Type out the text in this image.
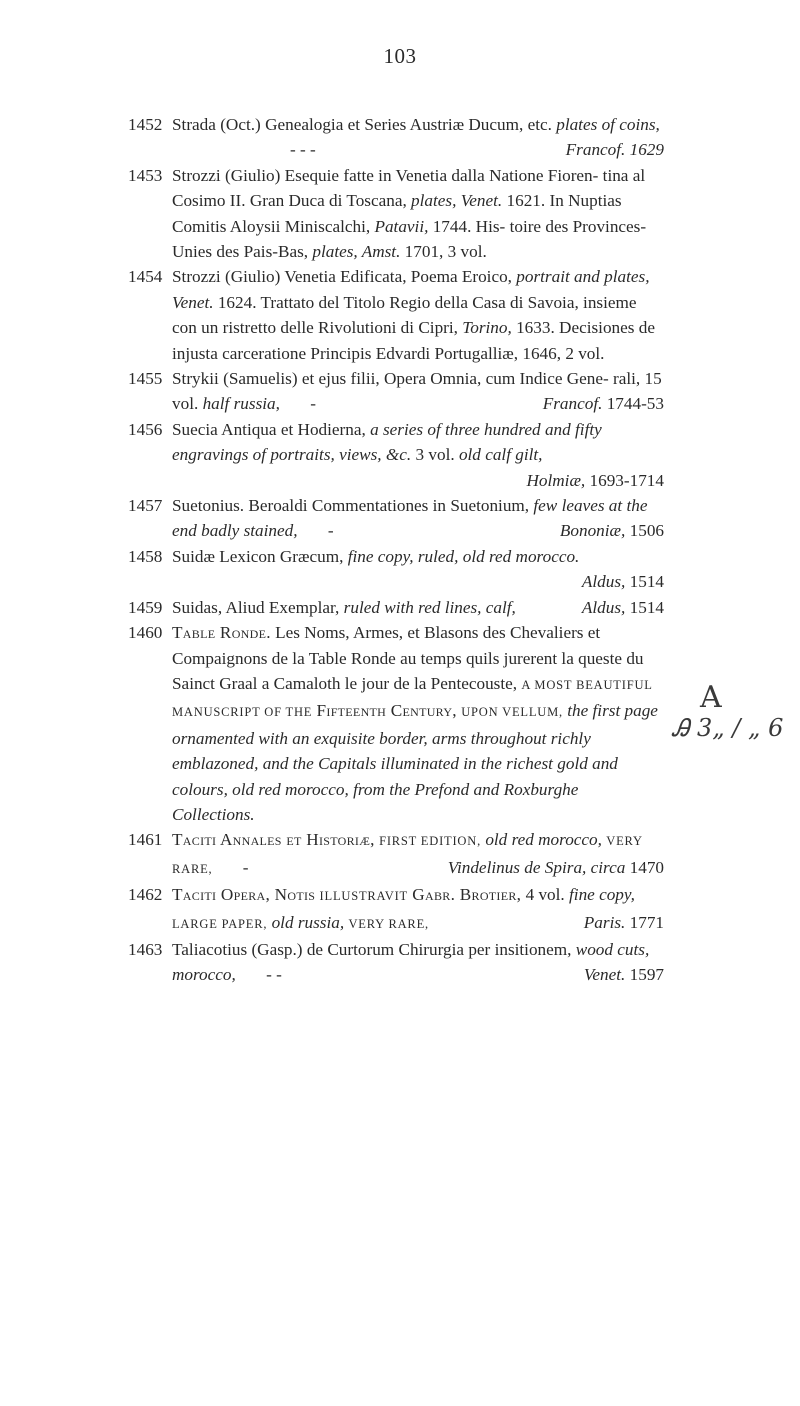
103
1452 Strada (Oct.) Genealogia et Series Austriæ Ducum, etc. plates of coins,
- - -	Francof. 1629
1453 Strozzi (Giulio) Esequie fatte in Venetia dalla Natione Fioren- tina al Cosimo II. Gran Duca di Toscana, plates, Venet. 1621. In Nuptias Comitis Aloysii Miniscalchi, Patavii, 1744. His- toire des Provinces-Unies des Pais-Bas, plates, Amst. 1701, 3 vol.
1454 Strozzi (Giulio) Venetia Edificata, Poema Eroico, portrait and plates, Venet. 1624. Trattato del Titolo Regio della Casa di Savoia, insieme con un ristretto delle Rivolutioni di Cipri, Torino, 1633. Decisiones de injusta carceratione Principis Edvardi Portugalliæ, 1646, 2 vol.
1455 Strykii (Samuelis) et ejus filii, Opera Omnia, cum Indice Gene- rali, 15 vol. half russia, -	Francof. 1744-53
1456 Suecia Antiqua et Hodierna, a series of three hundred and fifty engravings of portraits, views, &c. 3 vol. old calf gilt,
Holmiæ, 1693-1714
1457 Suetonius. Beroaldi Commentationes in Suetonium, few leaves at the end badly stained, -	Bononiæ, 1506
1458 Suidæ Lexicon Græcum, fine copy, ruled, old red morocco.
Aldus, 1514
1459 Suidas, Aliud Exemplar, ruled with red lines, calf,	Aldus, 1514
1460 Table Ronde. Les Noms, Armes, et Blasons des Chevaliers et Compaignons de la Table Ronde au temps quils jurerent la queste du Sainct Graal a Camaloth le jour de la Pentecouste, A MOST BEAUTIFUL MANUSCRIPT OF THE Fifteenth Century, UPON VELLUM, the first page ornamented with an exquisite border, arms throughout richly emblazoned, and the Capitals illuminated in the richest gold and colours, old red morocco, from the Prefond and Roxburghe Collections.
1461 Taciti Annales et Historiæ, FIRST EDITION, old red morocco, VERY RARE, -	Vindelinus de Spira, circa 1470
1462 Taciti Opera, Notis ILLUSTRAVIT Gabr. Brotier, 4 vol. fine copy, LARGE PAPER, old russia, VERY RARE,	Paris. 1771
1463 Taliacotius (Gasp.) de Curtorum Chirurgia per insitionem, wood cuts, morocco, - -	Venet. 1597
A
Ꭿ 3„ / „ 6
